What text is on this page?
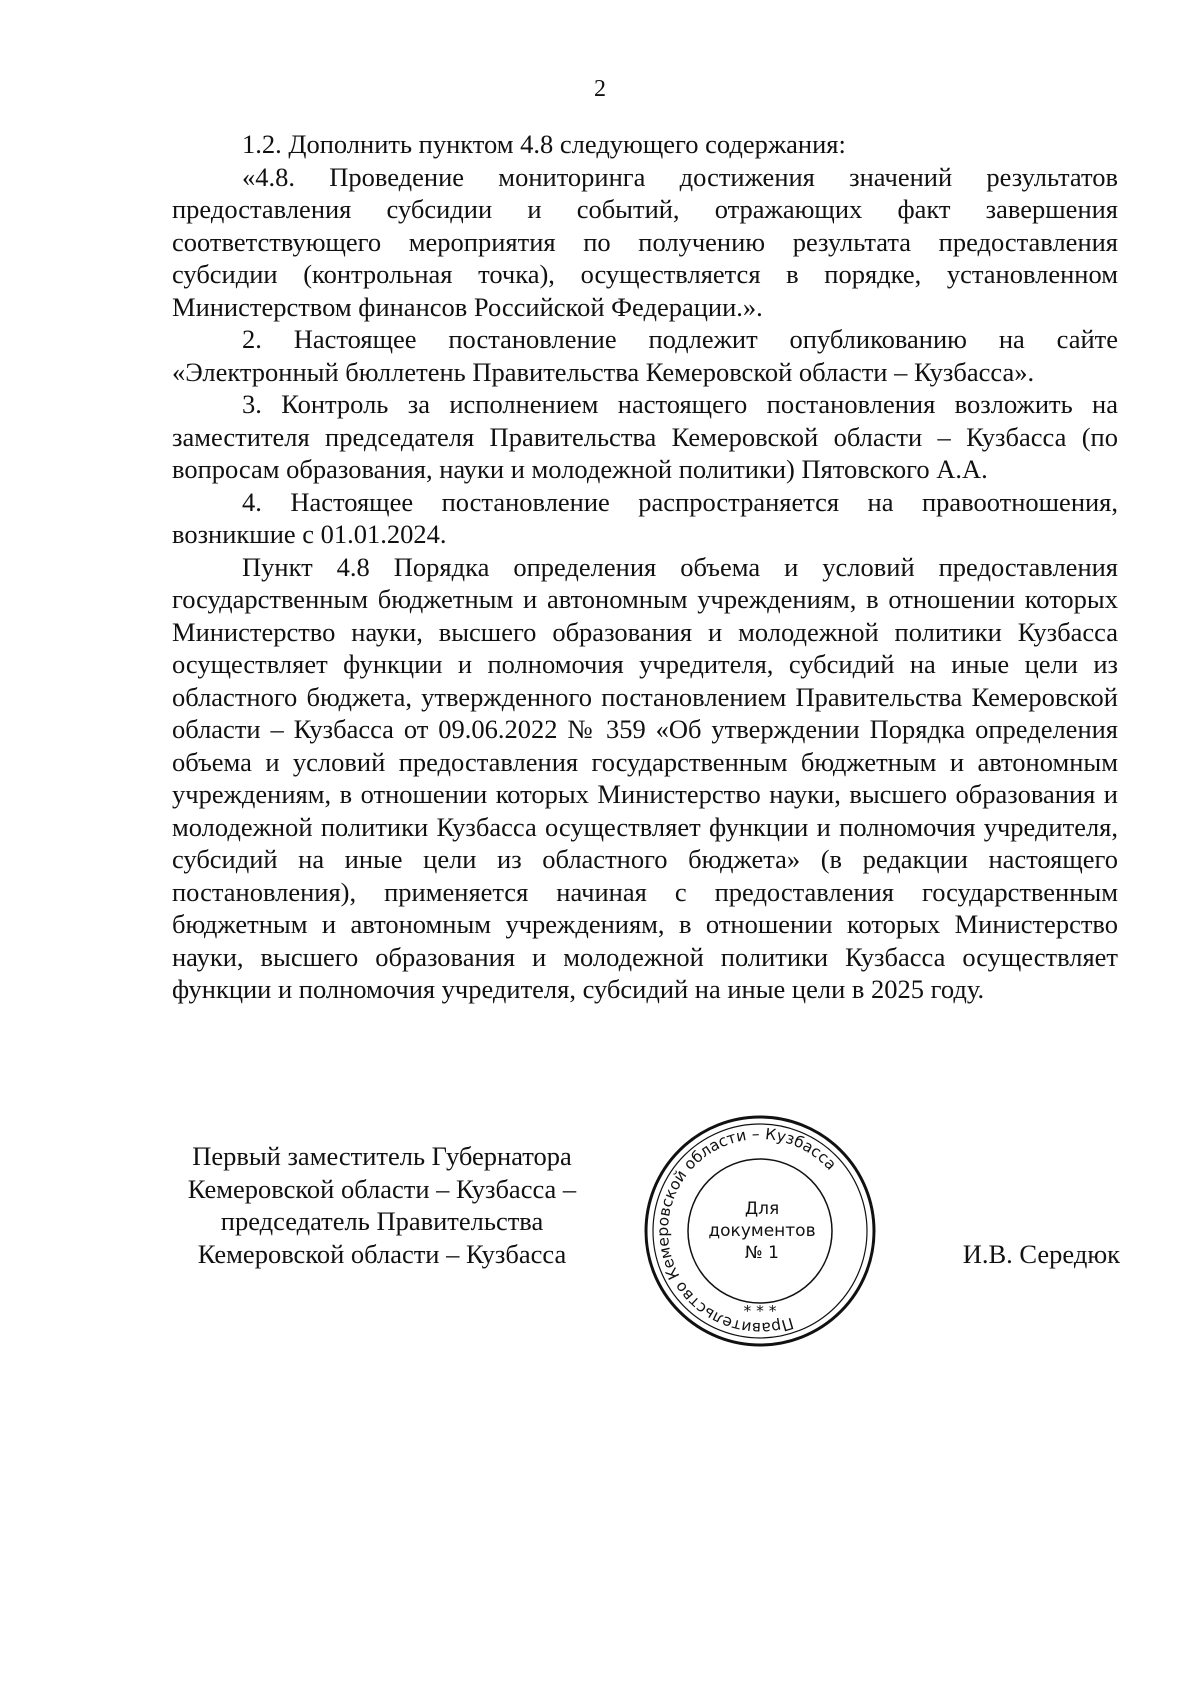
2

1.2. Дополнить пунктом 4.8 следующего содержания:

«4.8. Проведение мониторинга достижения значений результатов предоставления субсидии и событий, отражающих факт завершения соответствующего мероприятия по получению результата предоставления субсидии (контрольная точка), осуществляется в порядке, установленном Министерством финансов Российской Федерации.».

2. Настоящее постановление подлежит опубликованию на сайте «Электронный бюллетень Правительства Кемеровской области – Кузбасса».

3. Контроль за исполнением настоящего постановления возложить на заместителя председателя Правительства Кемеровской области – Кузбасса (по вопросам образования, науки и молодежной политики) Пятовского А.А.

4. Настоящее постановление распространяется на правоотношения, возникшие с 01.01.2024.

Пункт 4.8 Порядка определения объема и условий предоставления государственным бюджетным и автономным учреждениям, в отношении которых Министерство науки, высшего образования и молодежной политики Кузбасса осуществляет функции и полномочия учредителя, субсидий на иные цели из областного бюджета, утвержденного постановлением Правительства Кемеровской области – Кузбасса от 09.06.2022 № 359 «Об утверждении Порядка определения объема и условий предоставления государственным бюджетным и автономным учреждениям, в отношении которых Министерство науки, высшего образования и молодежной политики Кузбасса осуществляет функции и полномочия учредителя, субсидий на иные цели из областного бюджета» (в редакции настоящего постановления), применяется начиная с предоставления государственным бюджетным и автономным учреждениям, в отношении которых Министерство науки, высшего образования и молодежной политики Кузбасса осуществляет функции и полномочия учредителя, субсидий на иные цели в 2025 году.

Первый заместитель Губернатора
Кемеровской области – Кузбасса –
председатель Правительства
Кемеровской области – Кузбасса
Правительство Кемеровской области – Кузбасса
* * *
Для
документов
№ 1	И.В. Середюк
